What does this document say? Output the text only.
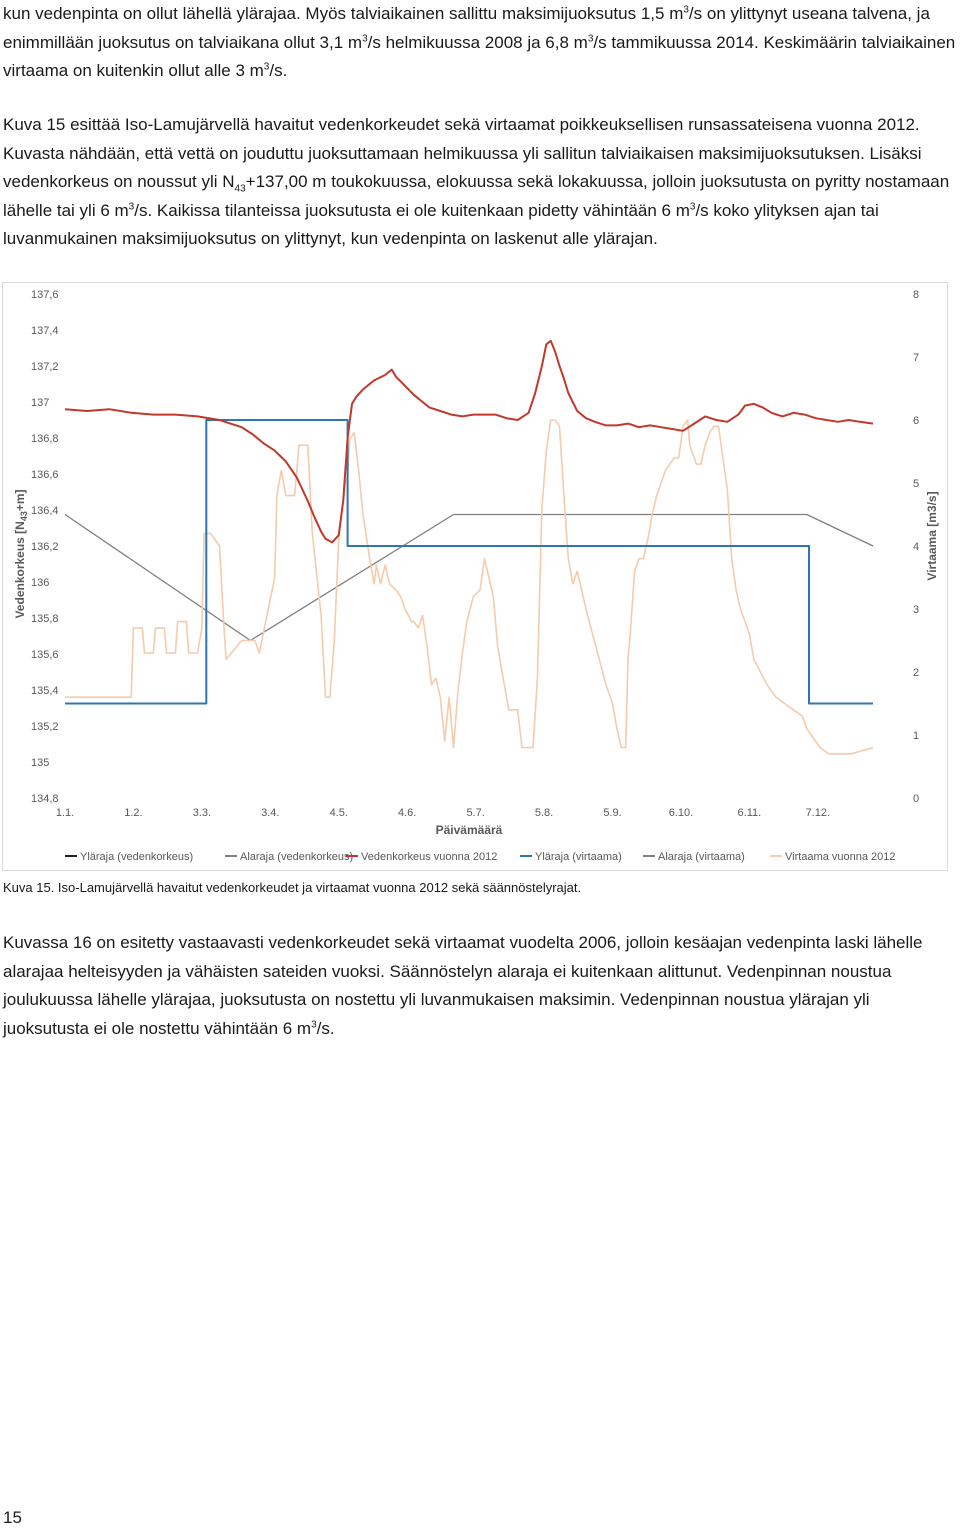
kun vedenpinta on ollut lähellä ylärajaa. Myös talviaikainen sallittu maksimijuoksutus 1,5 $m^3/s$ on ylittynyt useana talvena, ja enimmillään juoksutus on talviaikana ollut 3,1 $m^3/s$ helmikuussa 2008 ja 6,8 $m^3/s$ tammikuussa 2014. Keskimäärin talviaikainen virtaama on kuitenkin ollut alle 3 $m^3/s$.

Kuva 15 esittää Iso-Lamujärvellä havaitut vedenkorkeudet sekä virtaamat poikkeuksellisen runsassateisena vuonna 2012. Kuvasta nähdään, että vettä on jouduttu juoksuttamaan helmikuussa yli sallitun talviaikaisen maksimijuoksutuksen. Lisäksi vedenkorkeus on noussut yli $N_{43}+137,00$ m toukokuussa, elokuussa sekä lokakuussa, jolloin juoksutusta on pyritty nostamaan lähelle tai yli 6 $m^3/s$. Kaikissa tilanteissa juoksutusta ei ole kuitenkaan pidetty vähintään 6 $m^3/s$ koko ylityksen ajan tai luvanmukainen maksimijuoksutus on ylittynyt, kun vedenpinta on laskenut alle ylärajan.

137,6
137,4
137,2
137
136,8
136,6
136,4
136,2
136
135,8
135,6
135,4
135,2
135
134,8
8
7
6
5
4
3
2
1
0
1.1.	1.2.	3.3.	3.4.	4.5.	4.6.	5.7.	5.8.	5.9.	6.10.	6.11.	7.12.
Päivämäärä
Vedenkorkeus $[N_{43}+m]$	Virtaama [m3/s]
Yläraja (vedenkorkeus)	Alaraja (vedenkorkeus) Vedenkorkeus vuonna 2012	Yläraja (virtaama)	Alaraja (virtaama)	Virtaama vuonna 2012

Kuva 15. Iso-Lamujärvellä havaitut vedenkorkeudet ja virtaamat vuonna 2012 sekä säännöstelyrajat.

Kuvassa 16 on esitetty vastaavasti vedenkorkeudet sekä virtaamat vuodelta 2006, jolloin kesäajan vedenpinta laski lähelle alarajaa helteisyyden ja vähäisten sateiden vuoksi. Säännöstelyn alaraja ei kuitenkaan alittunut. Vedenpinnan noustua joulukuussa lähelle ylärajaa, juoksutusta on nostettu yli luvanmukaisen maksimin. Vedenpinnan noustua ylärajan yli juoksutusta ei ole nostettu vähintään 6 $m^3/s$.

15
